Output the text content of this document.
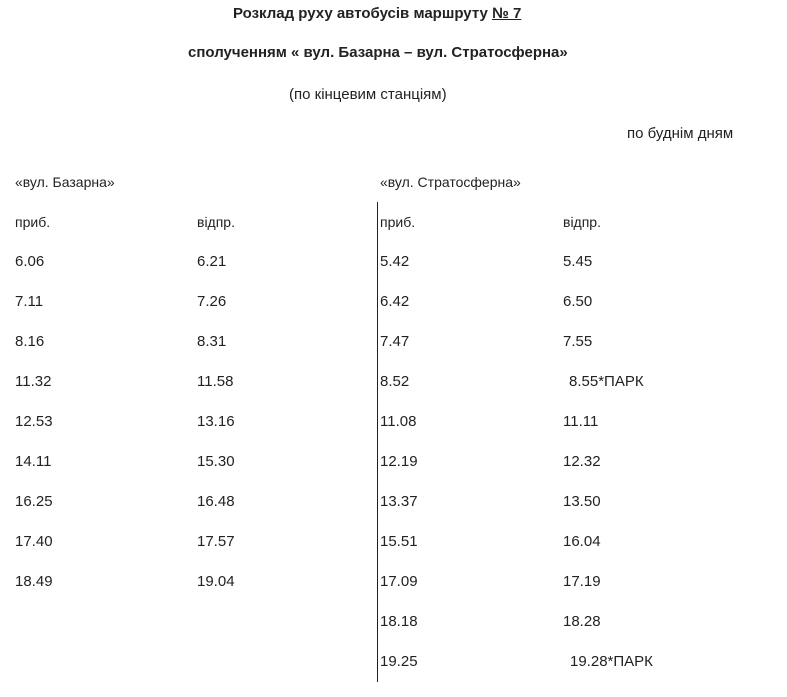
Розклад руху автобусів маршруту № 7
сполученням « вул. Базарна – вул. Стратосферна»
(по кінцевим станціям)
по буднім дням
«вул. Базарна»	«вул. Стратосферна»
приб.
6.06
7.11
8.16
11.32
12.53
14.11
16.25
17.40
18.49
відпр.
6.21
7.26
8.31
11.58
13.16
15.30
16.48
17.57
19.04
приб.
5.42
6.42
7.47
8.52
11.08
12.19
13.37
15.51
17.09
18.18
19.25
відпр.
5.45
6.50
7.55
8.55*ПАРК
11.11
12.32
13.50
16.04
17.19
18.28
19.28*ПАРК
